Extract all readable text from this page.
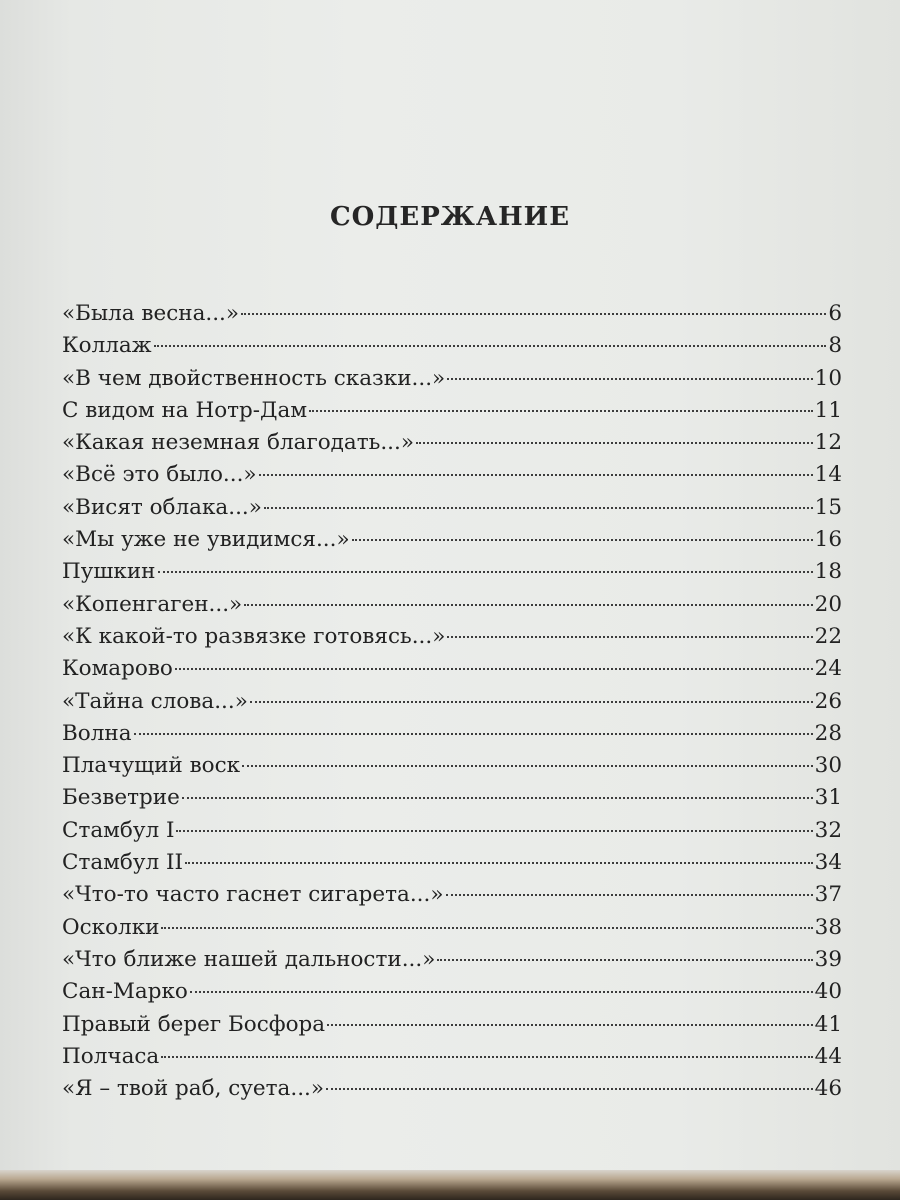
СОДЕРЖАНИЕ
«Была весна...»	6
Коллаж	8
«В чем двойственность сказки...»	10
С видом на Нотр-Дам	11
«Какая неземная благодать...»	12
«Всё это было...»	14
«Висят облака...»	15
«Мы уже не увидимся...»	16
Пушкин	18
«Копенгаген...»	20
«К какой-то развязке готовясь...»	22
Комарово	24
«Тайна слова...»	26
Волна	28
Плачущий воск	30
Безветрие	31
Стамбул I	32
Стамбул II	34
«Что-то часто гаснет сигарета...»	37
Осколки	38
«Что ближе нашей дальности...»	39
Сан-Марко	40
Правый берег Босфора	41
Полчаса	44
«Я – твой раб, суета...»	46
